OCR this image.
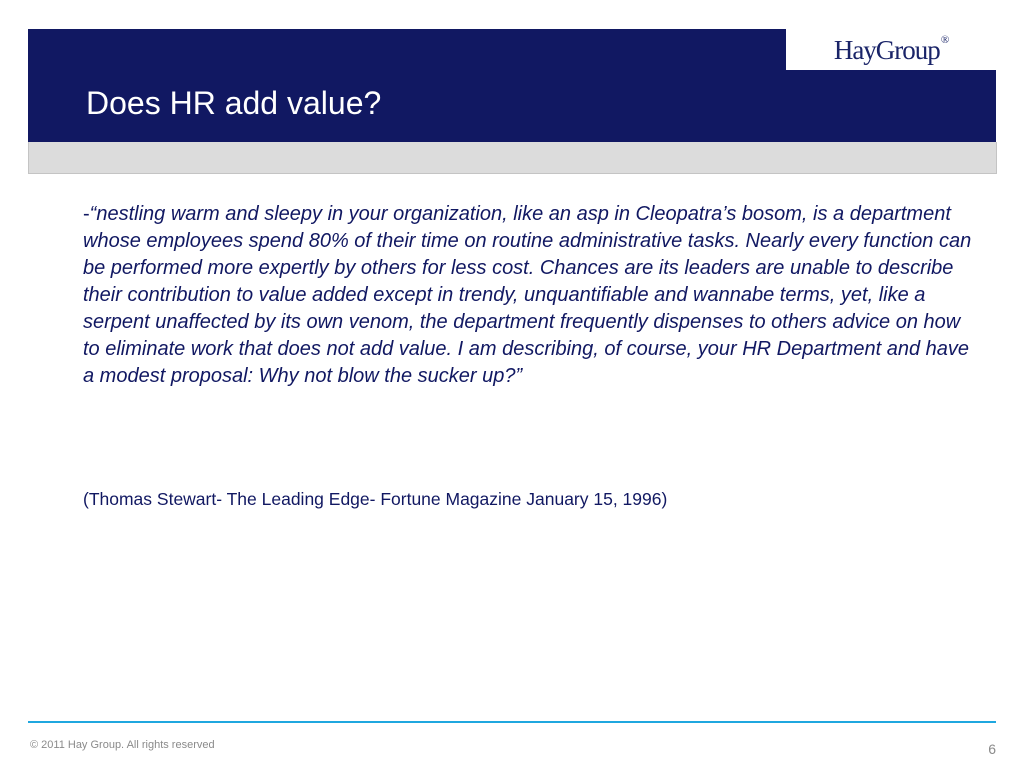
HayGroup ®
Does HR add value?

-“nestling warm and sleepy in your organization, like an asp in Cleopatra’s bosom, is a department whose employees spend 80% of their time on routine administrative tasks. Nearly every function can be performed more expertly by others for less cost. Chances are its leaders are unable to describe their contribution to value added except in trendy, unquantifiable and wannabe terms, yet, like a serpent unaffected by its own venom, the department frequently dispenses to others advice on how to eliminate work that does not add value. I am describing, of course, your HR Department and have a modest proposal: Why not blow the sucker up?”

(Thomas Stewart- The Leading Edge- Fortune Magazine January 15, 1996)

© 2011 Hay Group. All rights reserved	6
